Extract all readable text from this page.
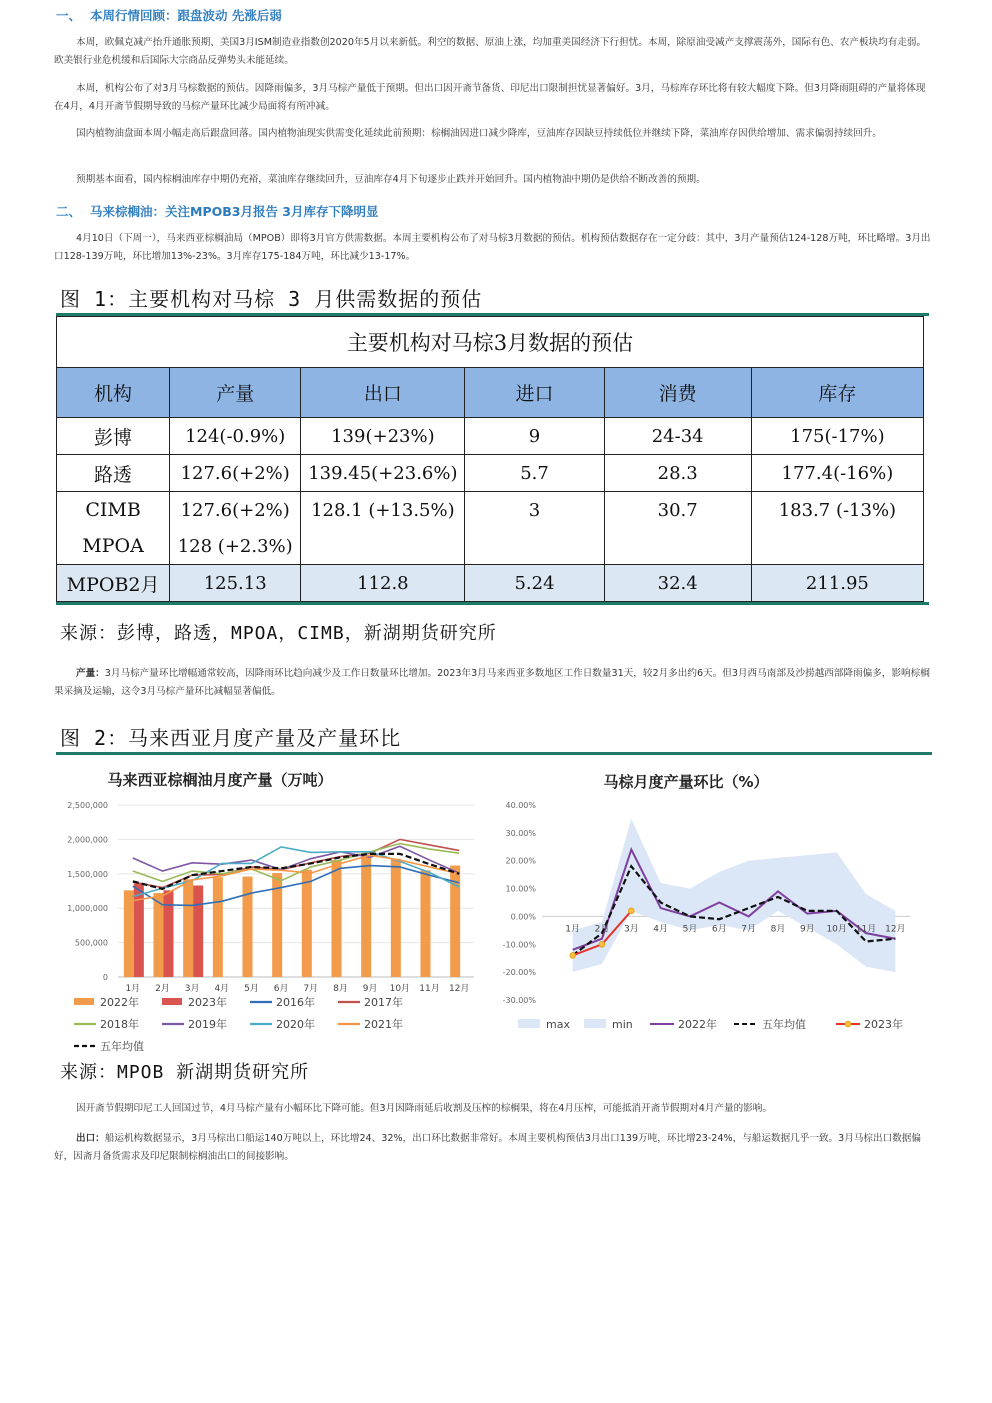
一、 本周行情回顾：跟盘波动 先涨后弱

本周，欧佩克减产抬升通胀预期、美国3月ISM制造业指数创2020年5月以来新低。利空的数据、原油上涨，均加重美国经济下行担忧。本周，除原油受减产支撑震荡外，国际有色、农产板块均有走弱。欧美银行业危机缓和后国际大宗商品反弹势头未能延续。

本周，机构公布了对3月马棕数据的预估。因降雨偏多，3月马棕产量低于预期。但出口因开斋节备货、印尼出口限制担忧显著偏好。3月，马棕库存环比将有较大幅度下降。但3月降雨阻碍的产量将体现在4月，4月开斋节假期导致的马棕产量环比减少局面将有所冲减。

国内植物油盘面本周小幅走高后跟盘回落。国内植物油现实供需变化延续此前预期：棕榈油因进口减少降库，豆油库存因缺豆持续低位并继续下降，菜油库存因供给增加、需求偏弱持续回升。

预期基本面看，国内棕榈油库存中期仍充裕，菜油库存继续回升，豆油库存4月下旬逐步止跌并开始回升。国内植物油中期仍是供给不断改善的预期。

二、 马来棕榈油：关注MPOB3月报告 3月库存下降明显

4月10日（下周一），马来西亚棕榈油局（MPOB）即将3月官方供需数据。本周主要机构公布了对马棕3月数据的预估。机构预估数据存在一定分歧：其中，3月产量预估124-128万吨，环比略增。3月出口128-139万吨，环比增加13%-23%。3月库存175-184万吨，环比减少13-17%。

图 1：主要机构对马棕 3 月供需数据的预估
主要机构对马棕3月数据的预估					
机构	产量	出口	进口	消费	库存
彭博	124(-0.9%)	139(+23%)	9	24-34	175(-17%)
路透	127.6(+2%)	139.45(+23.6%)	5.7	28.3	177.4(-16%)
CIMB	127.6(+2%)	128.1 (+13.5%)	3	30.7	183.7 (-13%)
MPOA	128 (+2.3%)				
MPOB2月	125.13	112.8	5.24	32.4	211.95
来源：彭博，路透，MPOA，CIMB，新湖期货研究所

产量：3月马棕产量环比增幅通常较高，因降雨环比趋向减少及工作日数量环比增加。2023年3月马来西亚多数地区工作日数量31天，较2月多出约6天。但3月西马南部及沙捞越西部降雨偏多，影响棕榈果采摘及运输，这令3月马棕产量环比减幅显著偏低。

图 2：马来西亚月度产量及产量环比
马来西亚棕榈油月度产量（万吨）
0
500,000
1,000,000
1,500,000
2,000,000
2,500,000
1月 2月 3月 4月 5月 6月 7月 8月 9月 10月 11月 12月
2022年	2023年	2016年	2017年
2018年	2019年	2020年	2021年
五年均值
马棕月度产量环比（%）
-30.00%
-20.00%
-10.00%
0.00%
10.00%
20.00%
30.00%
40.00%
1月 2月 3月 4月 5月 6月 7月 8月 9月 10月 11月 12月
max	min	2022年	五年均值	2023年
来源：MPOB 新湖期货研究所

因开斋节假期印尼工人回国过节，4月马棕产量有小幅环比下降可能。但3月因降雨延后收割及压榨的棕榈果，将在4月压榨，可能抵消开斋节假期对4月产量的影响。

出口：船运机构数据显示，3月马棕出口船运140万吨以上，环比增24、32%，出口环比数据非常好。本周主要机构预估3月出口139万吨，环比增23-24%，与船运数据几乎一致。3月马棕出口数据偏好，因斋月备货需求及印尼限制棕榈油出口的间接影响。
